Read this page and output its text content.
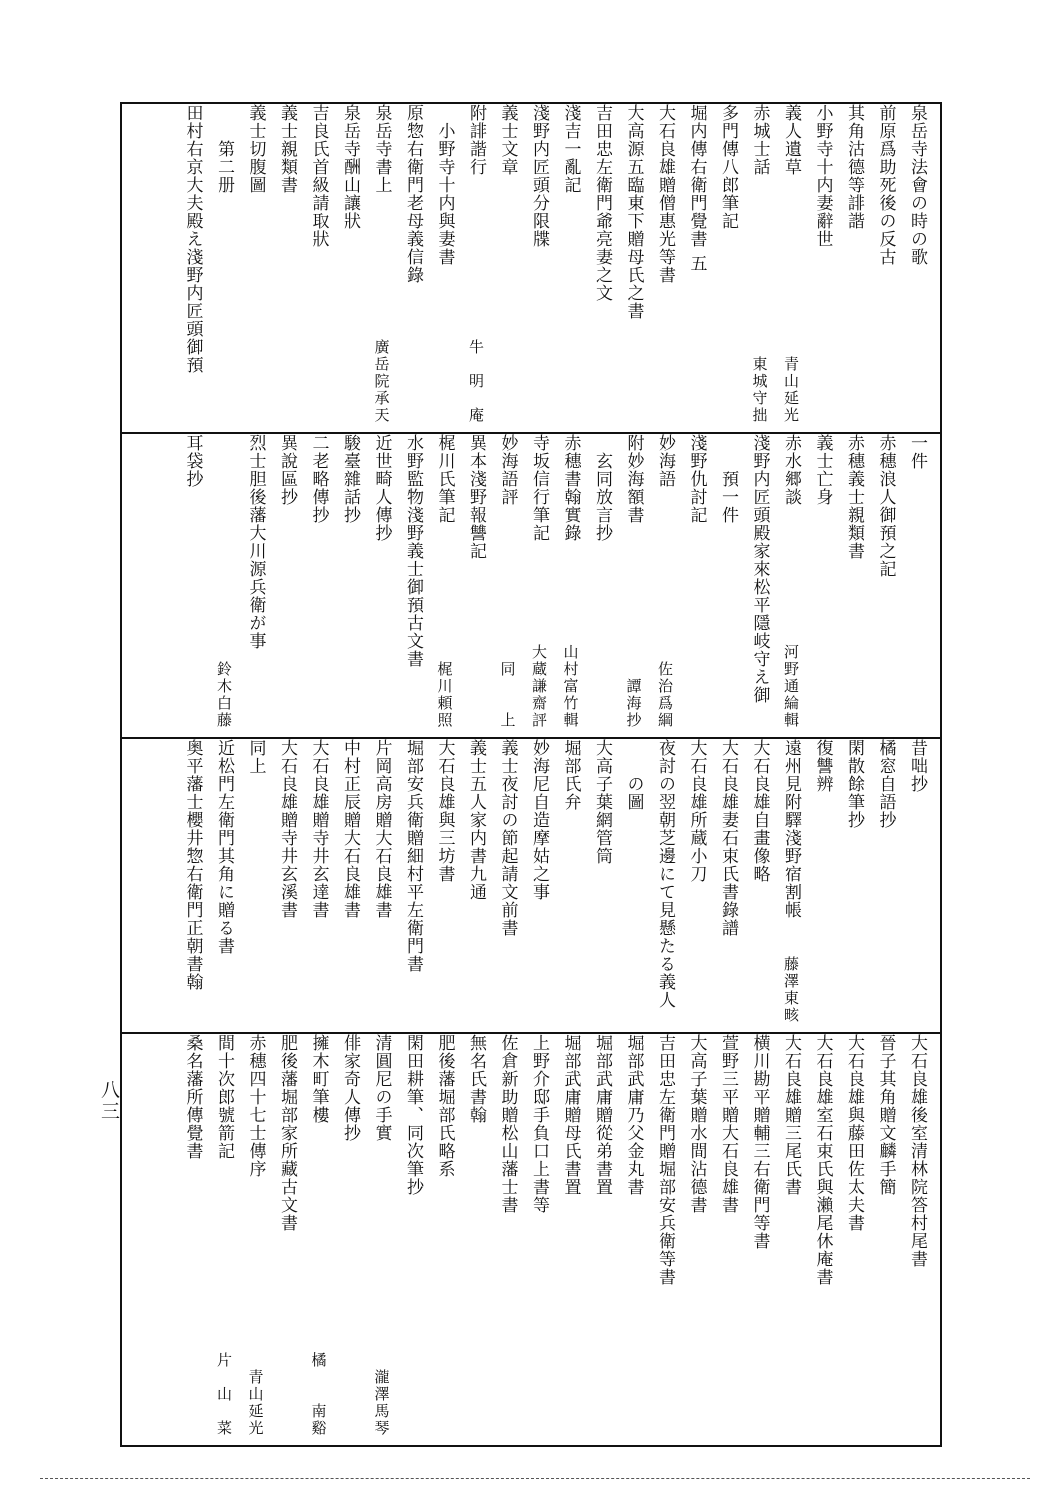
泉岳寺法會の時の歌
前原爲助死後の反古
其角沽德等誹諧
小野寺十内妻辭世
義人遺草
青山延光
赤城士話
東城守拙
多門傳八郎筆記
堀内傳右衛門覺書 五
大石良雄贈僧惠光等書
大高源五臨東下贈母氏之書
吉田忠左衛門爺亮妻之文
淺吉一亂記
淺野内匠頭分限牒
義士文章
附誹諧行
牛　明　庵
　小野寺十内與妻書
原惣右衛門老母義信錄
泉岳寺書上
廣岳院承天
泉岳寺酬山讓狀
吉良氏首級請取狀
義士親類書
義士切腹圖
　　第二册
田村右京大夫殿え淺野内匠頭御預
一件
赤穗浪人御預之記
赤穗義士親類書
義士亡身
赤水郷談
河野通綸輯
淺野内匠頭殿家來松平隱岐守え御
　　預一件
淺野仇討記
妙海語
佐治爲綱
附妙海額書
譚海抄
　玄同放言抄
赤穗書翰實錄
山村富竹輯
寺坂信行筆記
大蔵謙齋評
妙海語評
同　　上
異本淺野報讐記
梶川氏筆記
梶川頼照
水野監物淺野義士御預古文書
近世畸人傳抄
駿臺雜話抄
二老略傳抄
異說區抄
烈士胆後藩大川源兵衛が事

鈴木白藤
耳袋抄
昔咄抄
橘窓自語抄
閑散餘筆抄
復讐辨
遠州見附驛淺野宿割帳
藤澤東畡
大石良雄自畫像略
大石良雄妻石束氏書錄譜
大石良雄所蔵小刀
夜討の翌朝芝邊にて見懸たる義人
　　の圖
大高子葉網管筒
堀部氏弁
妙海尼自造摩姑之事
義士夜討の節起請文前書
義士五人家内書九通
大石良雄與三坊書
堀部安兵衛贈細村平左衛門書
片岡高房贈大石良雄書
中村正辰贈大石良雄書
大石良雄贈寺井玄達書
大石良雄贈寺井玄溪書
同上
近松門左衛門其角に贈る書
奥平藩士櫻井惣右衛門正朝書翰
大石良雄後室清林院答村尾書
晉子其角贈文麟手簡
大石良雄與藤田佐太夫書
大石良雄室石束氏與瀨尾休庵書
大石良雄贈三尾氏書
横川勘平贈輔三右衛門等書
萱野三平贈大石良雄書
大高子葉贈水間沾德書
吉田忠左衛門贈堀部安兵衛等書
堀部武庸乃父金丸書
堀部武庸贈從弟書置
堀部武庸贈母氏書置
上野介邸手負口上書等
佐倉新助贈松山藩士書
無名氏書翰
肥後藩堀部氏略系
閑田耕筆、同次筆抄
清圓尼の手實
瀧澤馬琴
俳家奇人傳抄
擁木町筆樓
橘　　南谿
肥後藩堀部家所藏古文書
赤穗四十七士傳序
青山延光
間十次郎號箭記
片　山　菜
桑名藩所傳覺書
八三
